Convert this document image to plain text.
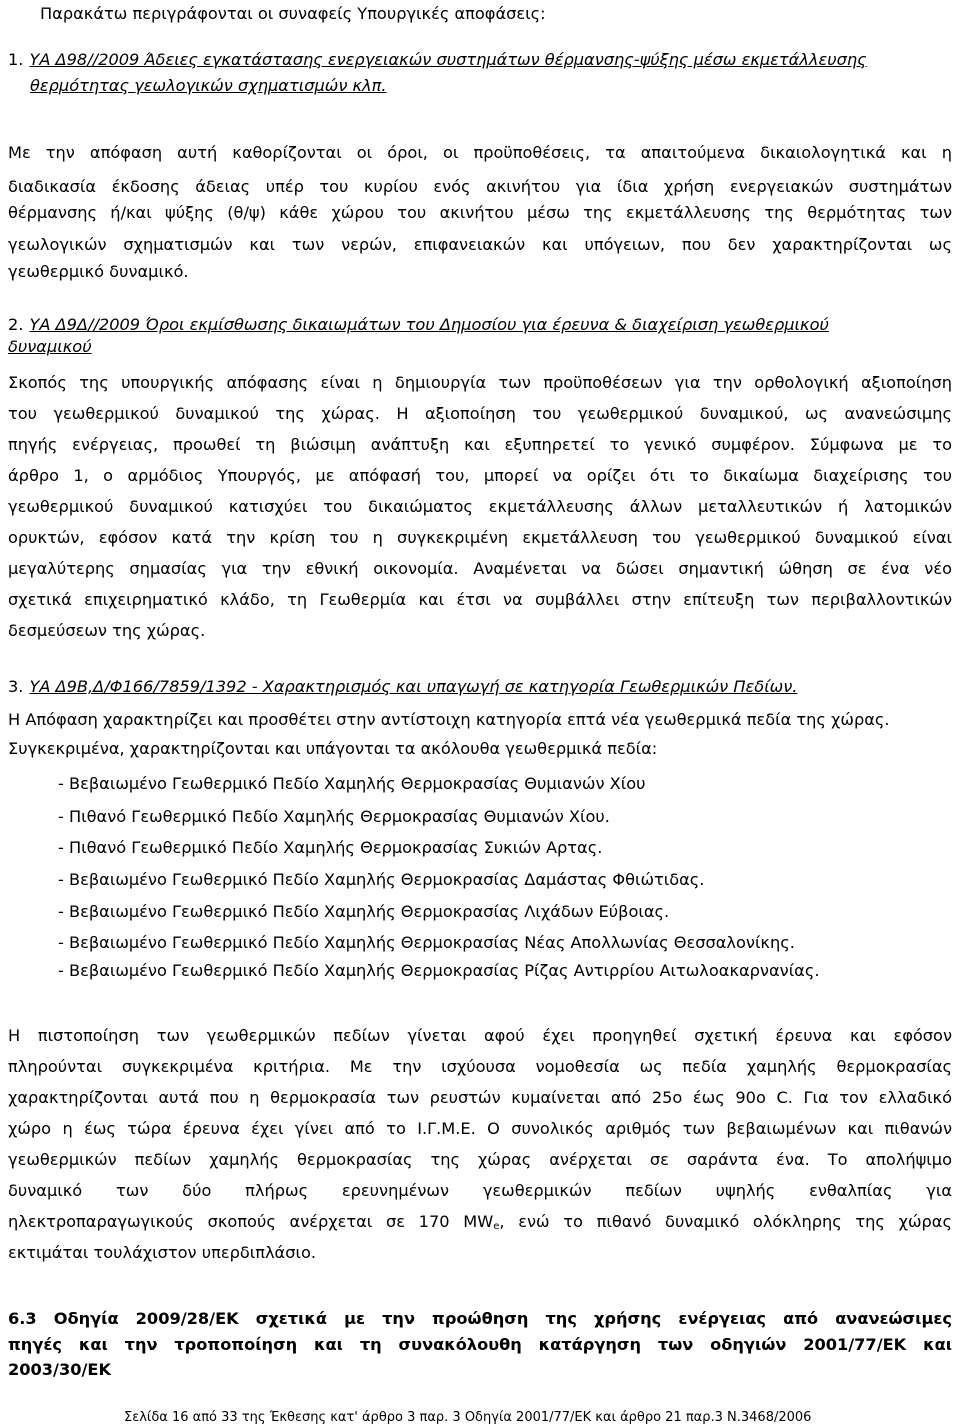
Παρακάτω περιγράφονται οι συναφείς Υπουργικές αποφάσεις:
1. ΥΑ Δ98//2009 Άδειες εγκατάστασης ενεργειακών συστημάτων θέρμανσης-ψύξης μέσω εκμετάλλευσης
θερμότητας γεωλογικών σχηματισμών κλπ.
Με την απόφαση αυτή καθορίζονται οι όροι, οι προϋποθέσεις, τα απαιτούμενα δικαιολογητικά και η
διαδικασία έκδοσης άδειας υπέρ του κυρίου ενός ακινήτου για ίδια χρήση ενεργειακών συστημάτων
θέρμανσης ή/και ψύξης (θ/ψ) κάθε χώρου του ακινήτου μέσω της εκμετάλλευσης της θερμότητας των
γεωλογικών σχηματισμών και των νερών, επιφανειακών και υπόγειων, που δεν χαρακτηρίζονται ως
γεωθερμικό δυναμικό.
2. ΥΑ Δ9Δ//2009 Όροι εκμίσθωσης δικαιωμάτων του Δημοσίου για έρευνα & διαχείριση γεωθερμικού
δυναμικού
Σκοπός της υπουργικής απόφασης είναι η δημιουργία των προϋποθέσεων για την ορθολογική αξιοποίηση
του γεωθερμικού δυναμικού της χώρας. Η αξιοποίηση του γεωθερμικού δυναμικού, ως ανανεώσιμης
πηγής ενέργειας, προωθεί τη βιώσιμη ανάπτυξη και εξυπηρετεί το γενικό συμφέρον. Σύμφωνα με το
άρθρο 1, ο αρμόδιος Υπουργός, με απόφασή του, μπορεί να ορίζει ότι το δικαίωμα διαχείρισης του
γεωθερμικού δυναμικού κατισχύει του δικαιώματος εκμετάλλευσης άλλων μεταλλευτικών ή λατομικών
ορυκτών, εφόσον κατά την κρίση του η συγκεκριμένη εκμετάλλευση του γεωθερμικού δυναμικού είναι
μεγαλύτερης σημασίας για την εθνική οικονομία. Αναμένεται να δώσει σημαντική ώθηση σε ένα νέο
σχετικά επιχειρηματικό κλάδο, τη Γεωθερμία και έτσι να συμβάλλει στην επίτευξη των περιβαλλοντικών
δεσμεύσεων της χώρας.
3. ΥΑ Δ9Β,Δ/Φ166/7859/1392 - Χαρακτηρισμός και υπαγωγή σε κατηγορία Γεωθερμικών Πεδίων.
Η Απόφαση χαρακτηρίζει και προσθέτει στην αντίστοιχη κατηγορία επτά νέα γεωθερμικά πεδία της χώρας.
Συγκεκριμένα, χαρακτηρίζονται και υπάγονται τα ακόλουθα γεωθερμικά πεδία:
- Βεβαιωμένο Γεωθερμικό Πεδίο Χαμηλής Θερμοκρασίας Θυμιανών Χίου
- Πιθανό Γεωθερμικό Πεδίο Χαμηλής Θερμοκρασίας Θυμιανών Χίου.
- Πιθανό Γεωθερμικό Πεδίο Χαμηλής Θερμοκρασίας Συκιών Αρτας.
- Βεβαιωμένο Γεωθερμικό Πεδίο Χαμηλής Θερμοκρασίας Δαμάστας Φθιώτιδας.
- Βεβαιωμένο Γεωθερμικό Πεδίο Χαμηλής Θερμοκρασίας Λιχάδων Εύβοιας.
- Βεβαιωμένο Γεωθερμικό Πεδίο Χαμηλής Θερμοκρασίας Νέας Απολλωνίας Θεσσαλονίκης.
- Βεβαιωμένο Γεωθερμικό Πεδίο Χαμηλής Θερμοκρασίας Ρίζας Αντιρρίου Αιτωλοακαρνανίας.
Η πιστοποίηση των γεωθερμικών πεδίων γίνεται αφού έχει προηγηθεί σχετική έρευνα και εφόσον
πληρούνται συγκεκριμένα κριτήρια. Με την ισχύουσα νομοθεσία ως πεδία χαμηλής θερμοκρασίας
χαρακτηρίζονται αυτά που η θερμοκρασία των ρευστών κυμαίνεται από 25ο έως 90ο C. Για τον ελλαδικό
χώρο η έως τώρα έρευνα έχει γίνει από το Ι.Γ.Μ.Ε. Ο συνολικός αριθμός των βεβαιωμένων και πιθανών
γεωθερμικών πεδίων χαμηλής θερμοκρασίας της χώρας ανέρχεται σε σαράντα ένα. Το απολήψιμο
δυναμικό των δύο πλήρως ερευνημένων γεωθερμικών πεδίων υψηλής ενθαλπίας για
ηλεκτροπαραγωγικούς σκοπούς ανέρχεται σε 170 $MW_e$, ενώ το πιθανό δυναμικό ολόκληρης της χώρας
εκτιμάται τουλάχιστον υπερδιπλάσιο.
6.3 Οδηγία 2009/28/ΕΚ σχετικά με την προώθηση της χρήσης ενέργειας από ανανεώσιμες
πηγές και την τροποποίηση και τη συνακόλουθη κατάργηση των οδηγιών 2001/77/ΕΚ και
2003/30/ΕΚ
Σελίδα 16 από 33 της Έκθεσης κατ' άρθρο 3 παρ. 3 Οδηγία 2001/77/ΕΚ και άρθρο 21 παρ.3 Ν.3468/2006
